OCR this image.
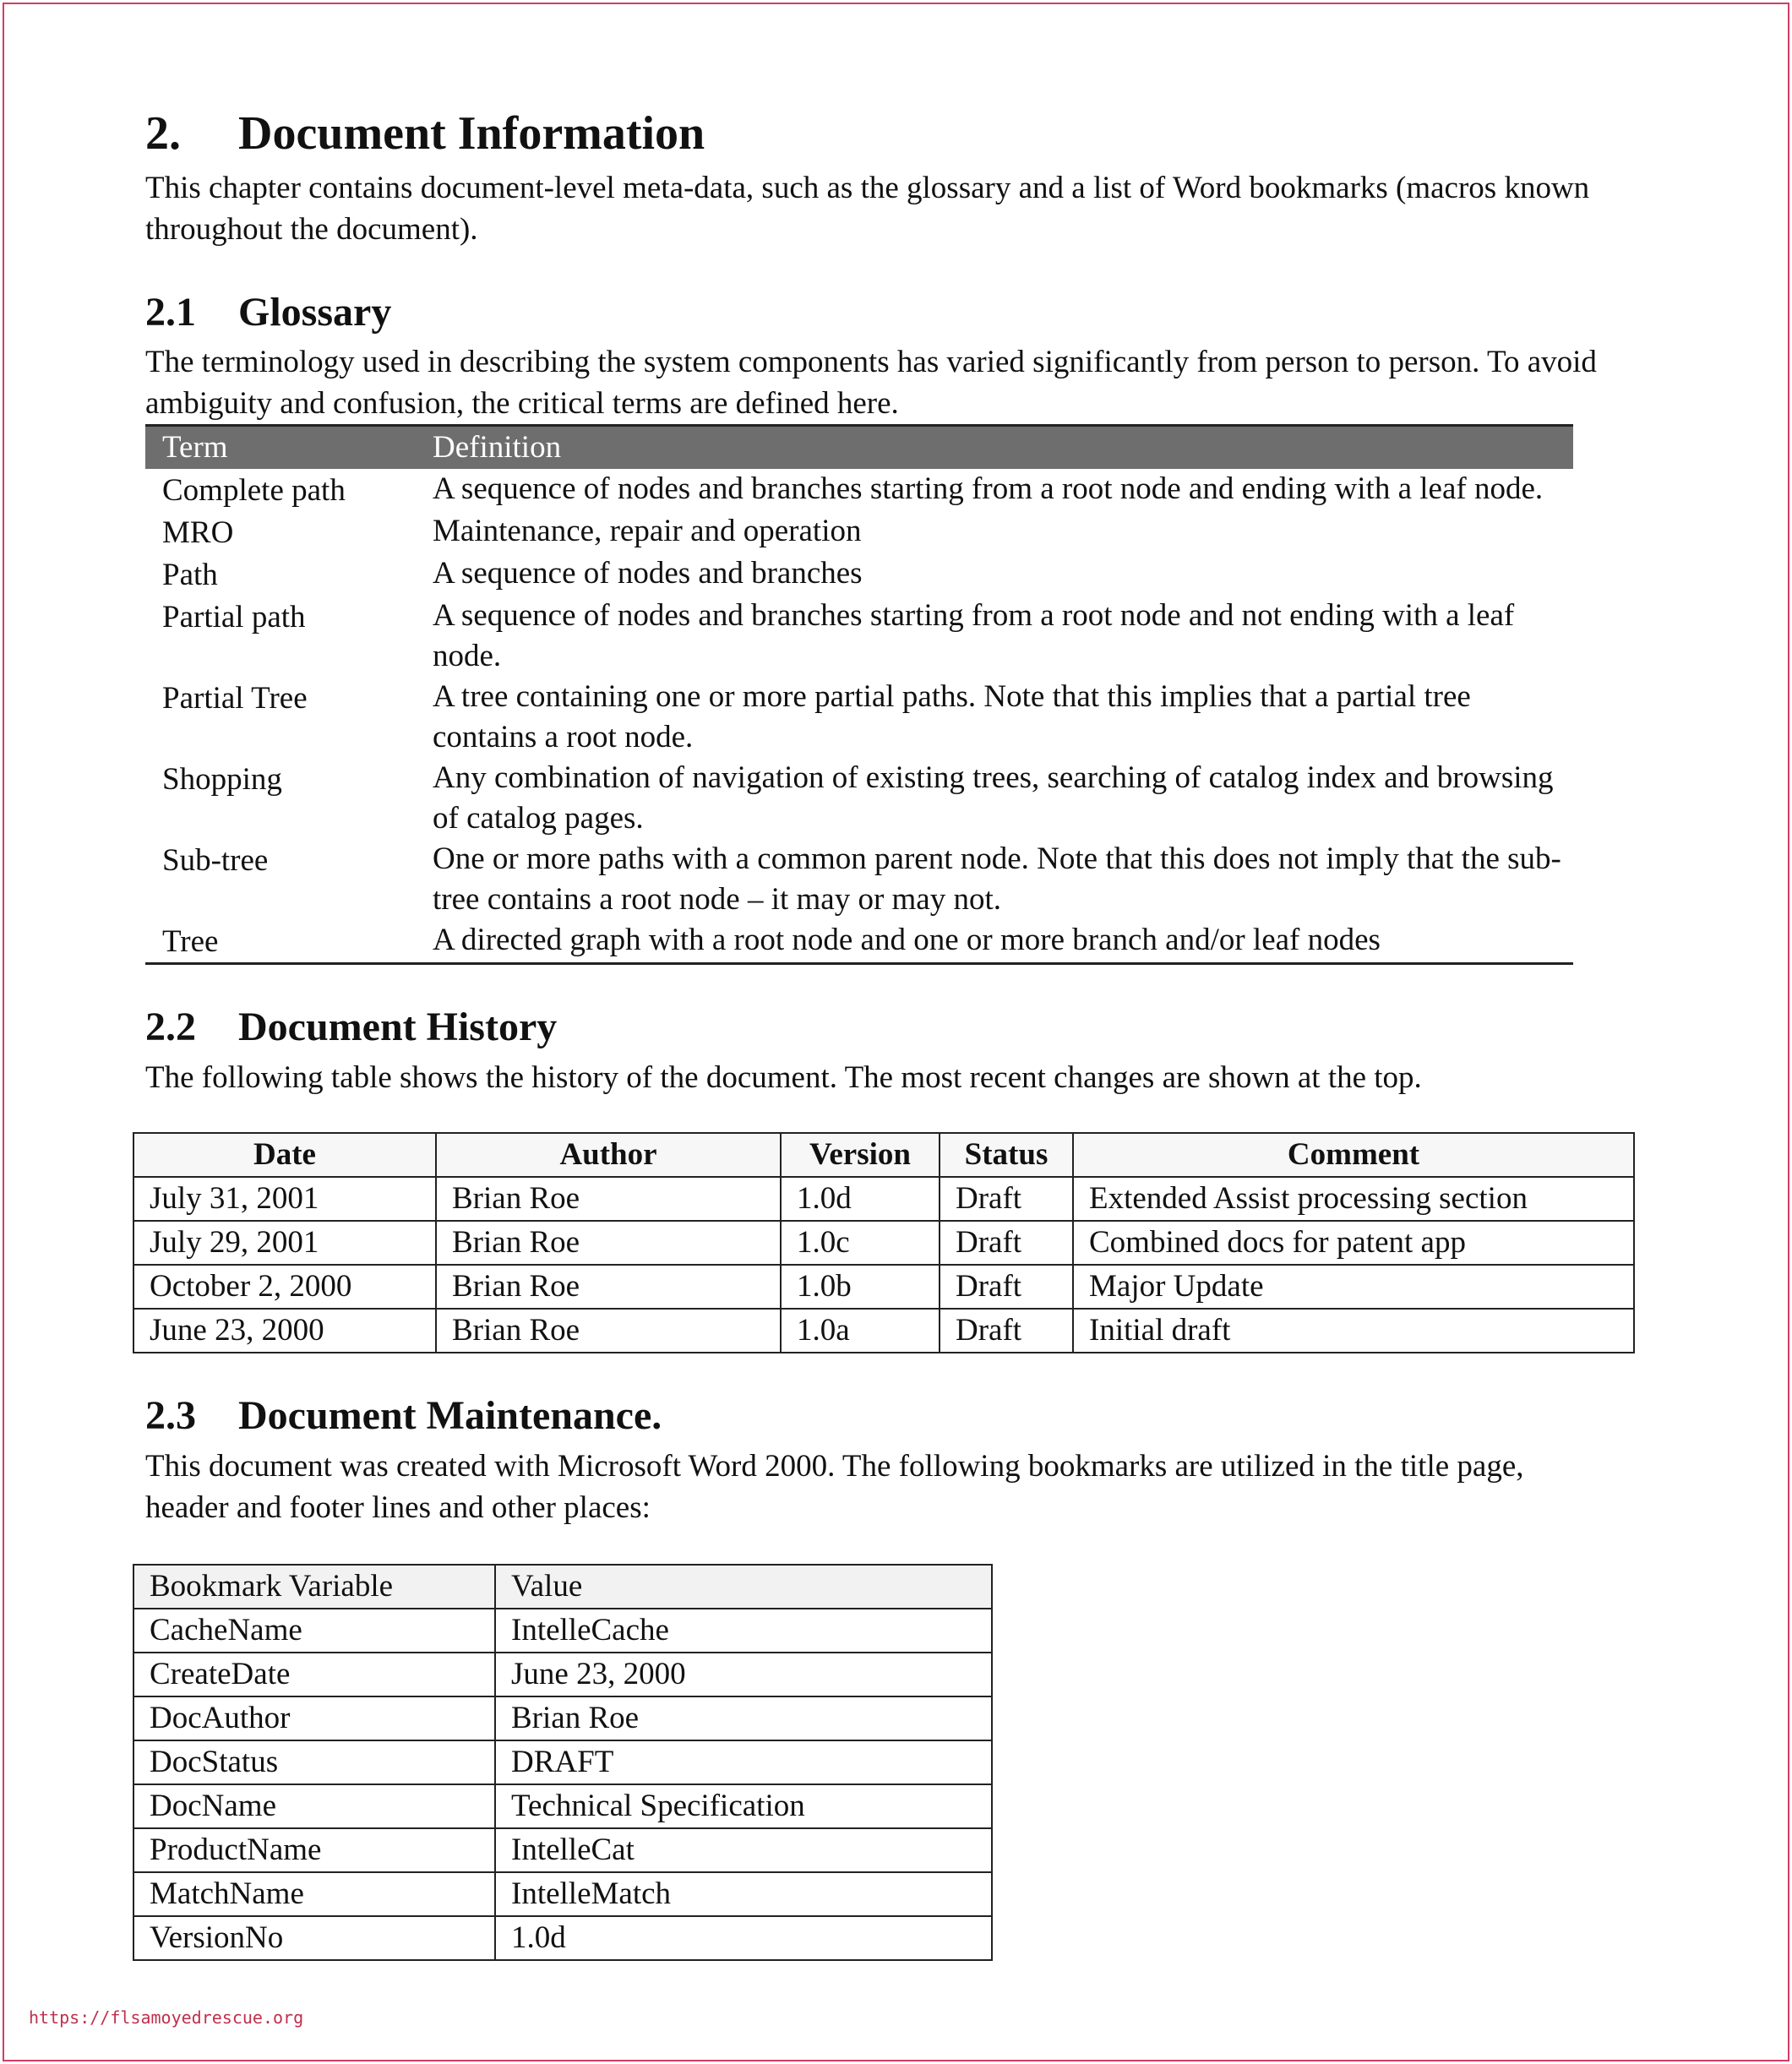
2.	Document Information

This chapter contains document-level meta-data, such as the glossary and a list of Word bookmarks (macros known throughout the document).

2.1	Glossary

The terminology used in describing the system components has varied significantly from person to person. To avoid ambiguity and confusion, the critical terms are defined here.

Term	Definition
Complete path	A sequence of nodes and branches starting from a root node and ending with a leaf node.
MRO	Maintenance, repair and operation
Path	A sequence of nodes and branches
Partial path	A sequence of nodes and branches starting from a root node and not ending with a leaf node.
Partial Tree	A tree containing one or more partial paths. Note that this implies that a partial tree contains a root node.
Shopping	Any combination of navigation of existing trees, searching of catalog index and browsing of catalog pages.
Sub-tree	One or more paths with a common parent node. Note that this does not imply that the sub-tree contains a root node – it may or may not.
Tree	A directed graph with a root node and one or more branch and/or leaf nodes
2.2	Document History

The following table shows the history of the document. The most recent changes are shown at the top.

Date	Author	Version	Status	Comment
July 31, 2001	Brian Roe	1.0d	Draft	Extended Assist processing section
July 29, 2001	Brian Roe	1.0c	Draft	Combined docs for patent app
October 2, 2000	Brian Roe	1.0b	Draft	Major Update
June 23, 2000	Brian Roe	1.0a	Draft	Initial draft
2.3	Document Maintenance.

This document was created with Microsoft Word 2000. The following bookmarks are utilized in the title page, header and footer lines and other places:

Bookmark Variable	Value
CacheName	IntelleCache
CreateDate	June 23, 2000
DocAuthor	Brian Roe
DocStatus	DRAFT
DocName	Technical Specification
ProductName	IntelleCat
MatchName	IntelleMatch
VersionNo	1.0d
https://flsamoyedrescue.org
